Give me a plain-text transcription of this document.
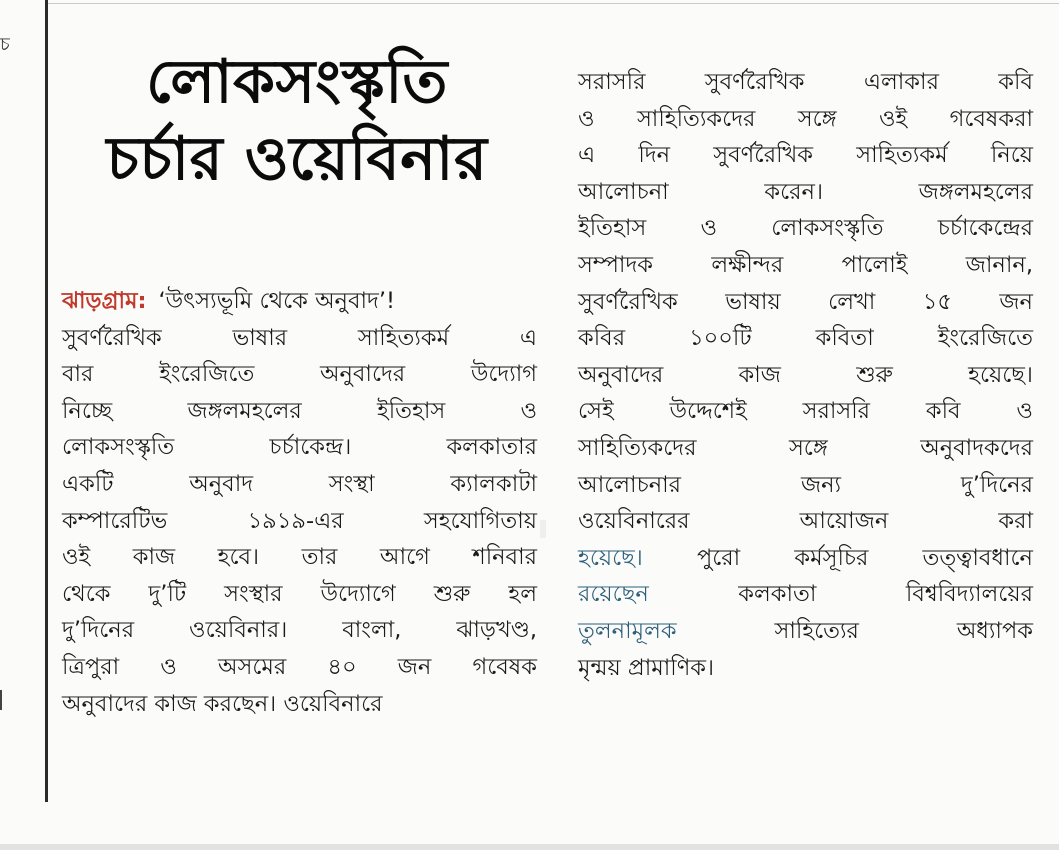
চ
লোকসংস্কৃতি
চর্চার ওয়েবিনার
ঝাড়গ্রাম: ‘উৎস্যভূমি থেকে অনুবাদ’!
সুবর্ণরৈখিক	ভাষার	সাহিত্যকর্ম	এ
বার	ইংরেজিতে	অনুবাদের	উদ্যোগ
নিচ্ছে	জঙ্গলমহলের	ইতিহাস	ও
লোকসংস্কৃতি	চর্চাকেন্দ্র।	কলকাতার
একটি	অনুবাদ	সংস্থা	ক্যালকাটা
কম্পারেটিভ	১৯১৯-এর	সহযোগিতায়
ওই কাজ হবে। তার আগে শনিবার
থেকে দু’টি সংস্থার উদ্যোগে শুরু হল
দু’দিনের ওয়েবিনার। বাংলা, ঝাড়খণ্ড,
ত্রিপুরা ও অসমের ৪০ জন গবেষক
অনুবাদের কাজ করছেন। ওয়েবিনারে
সরাসরি	সুবর্ণরৈখিক	এলাকার	কবি
ও সাহিত্যিকদের সঙ্গে ওই গবেষকরা
এ দিন সুবর্ণরৈখিক সাহিত্যকর্ম নিয়ে
আলোচনা	করেন।	জঙ্গলমহলের
ইতিহাস ও লোকসংস্কৃতি চর্চাকেন্দ্রের
সম্পাদক	লক্ষীন্দর	পালোই	জানান,
সুবর্ণরৈখিক ভাষায় লেখা ১৫ জন
কবির	১০০টি	কবিতা	ইংরেজিতে
অনুবাদের	কাজ	শুরু	হয়েছে।
সেই উদ্দেশেই সরাসরি কবি ও
সাহিত্যিকদের	সঙ্গে	অনুবাদকদের
আলোচনার	জন্য	দু’দিনের
ওয়েবিনারের	আয়োজন	করা
হয়েছে। পুরো কর্মসূচির তত্ত্বাবধানে
রয়েছেন	কলকাতা	বিশ্ববিদ্যালয়ের
তুলনামূলক	সাহিত্যের	অধ্যাপক
মৃন্ময় প্রামাণিক।
